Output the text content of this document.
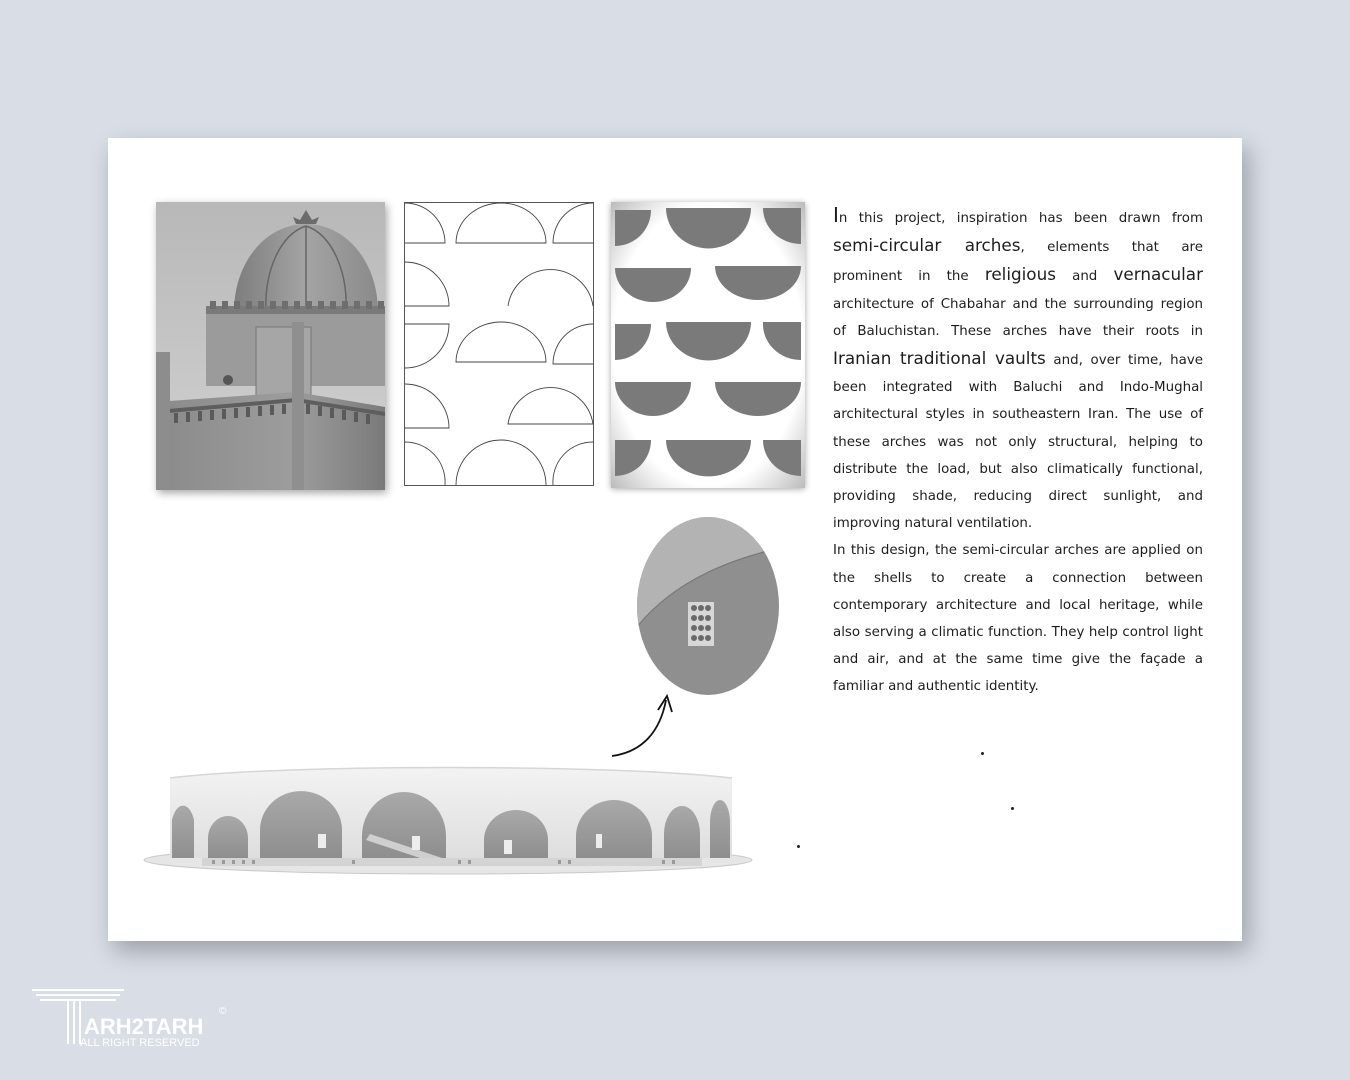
In this project, inspiration has been drawn from semi-circular arches, elements that are prominent in the religious and vernacular architecture of Chabahar and the surrounding region of Baluchistan. These arches have their roots in Iranian traditional vaults and, over time, have been integrated with Baluchi and Indo-Mughal architectural styles in southeastern Iran. The use of these arches was not only structural, helping to distribute the load, but also climatically functional, providing shade, reducing direct sunlight, and improving natural ventilation.

In this design, the semi-circular arches are applied on the shells to create a connection between contemporary architecture and local heritage, while also serving a climatic function. They help control light and air, and at the same time give the façade a familiar and authentic identity.

ARH2TARH
©
ALL RIGHT RESERVED
